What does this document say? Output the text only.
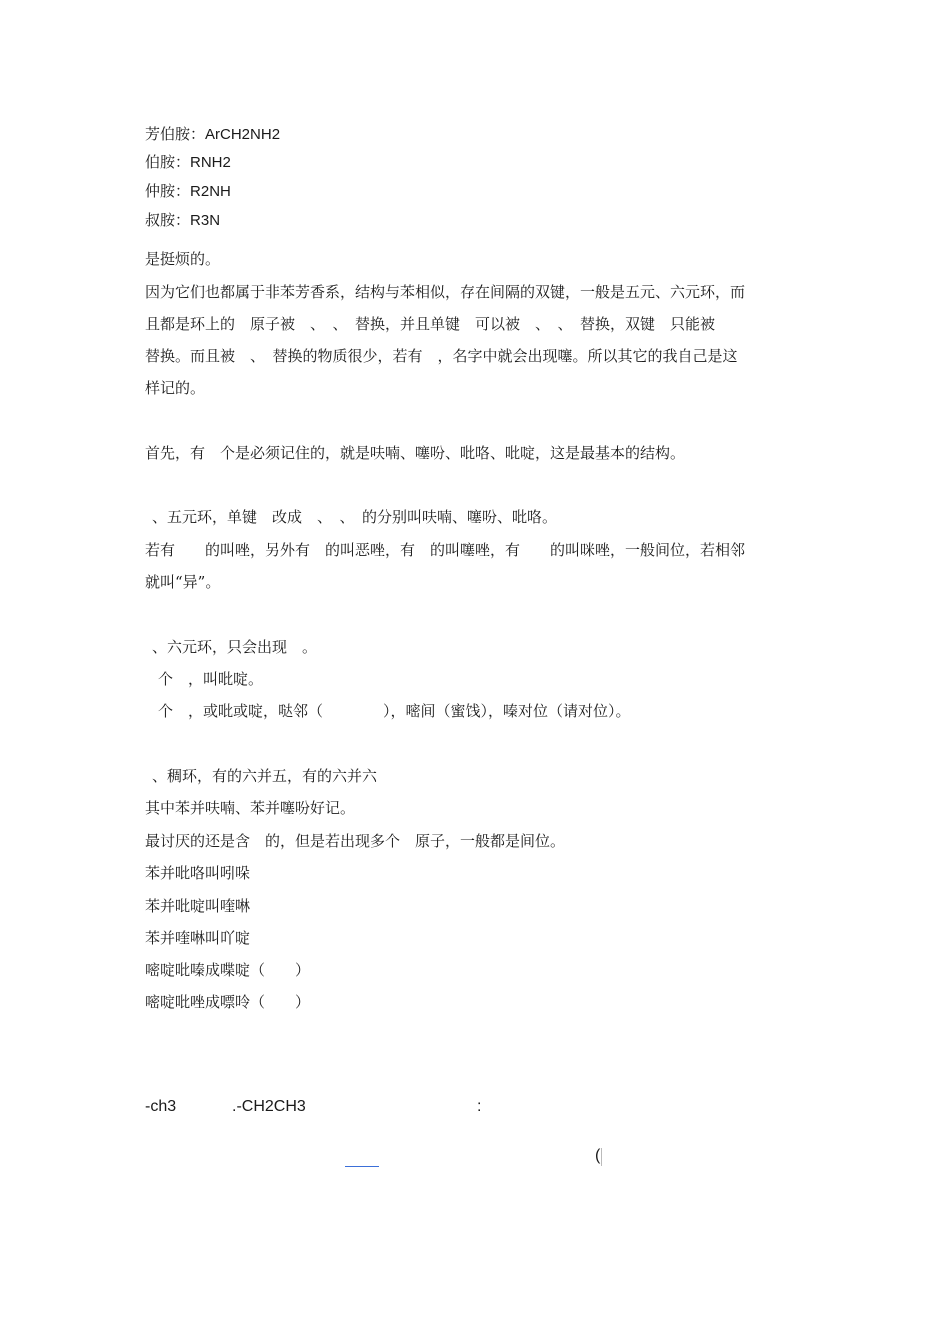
芳伯胺：ArCH2NH2
伯胺：RNH2
仲胺：R2NH
叔胺：R3N
是挺烦的。
因为它们也都属于非苯芳香系，结构与苯相似，存在间隔的双键，一般是五元、六元环，而
且都是环上的　原子被　、　、　替换，并且单键　可以被　、　、　替换，双键　只能被
替换。而且被　、　替换的物质很少，若有　，名字中就会出现噻。所以其它的我自己是这
样记的。
首先，有　个是必须记住的，就是呋喃、噻吩、吡咯、吡啶，这是最基本的结构。
、五元环，单键　改成　、　、　的分别叫呋喃、噻吩、吡咯。
若有　　的叫唑，另外有　的叫恶唑，有　的叫噻唑，有　　的叫咪唑，一般间位，若相邻
就叫“异”。
、六元环，只会出现　。
个　，叫吡啶。
个　，或吡或啶，哒邻（　　　　），嘧间（蜜饯），嗪对位（请对位）。
、稠环，有的六并五，有的六并六
其中苯并呋喃、苯并噻吩好记。
最讨厌的还是含　的，但是若出现多个　原子，一般都是间位。
苯并吡咯叫吲哚
苯并吡啶叫喹啉
苯并喹啉叫吖啶
嘧啶吡嗪成喋啶（　　）
嘧啶吡唑成嘌呤（　　）
-ch3	.-CH2CH3	:
(
